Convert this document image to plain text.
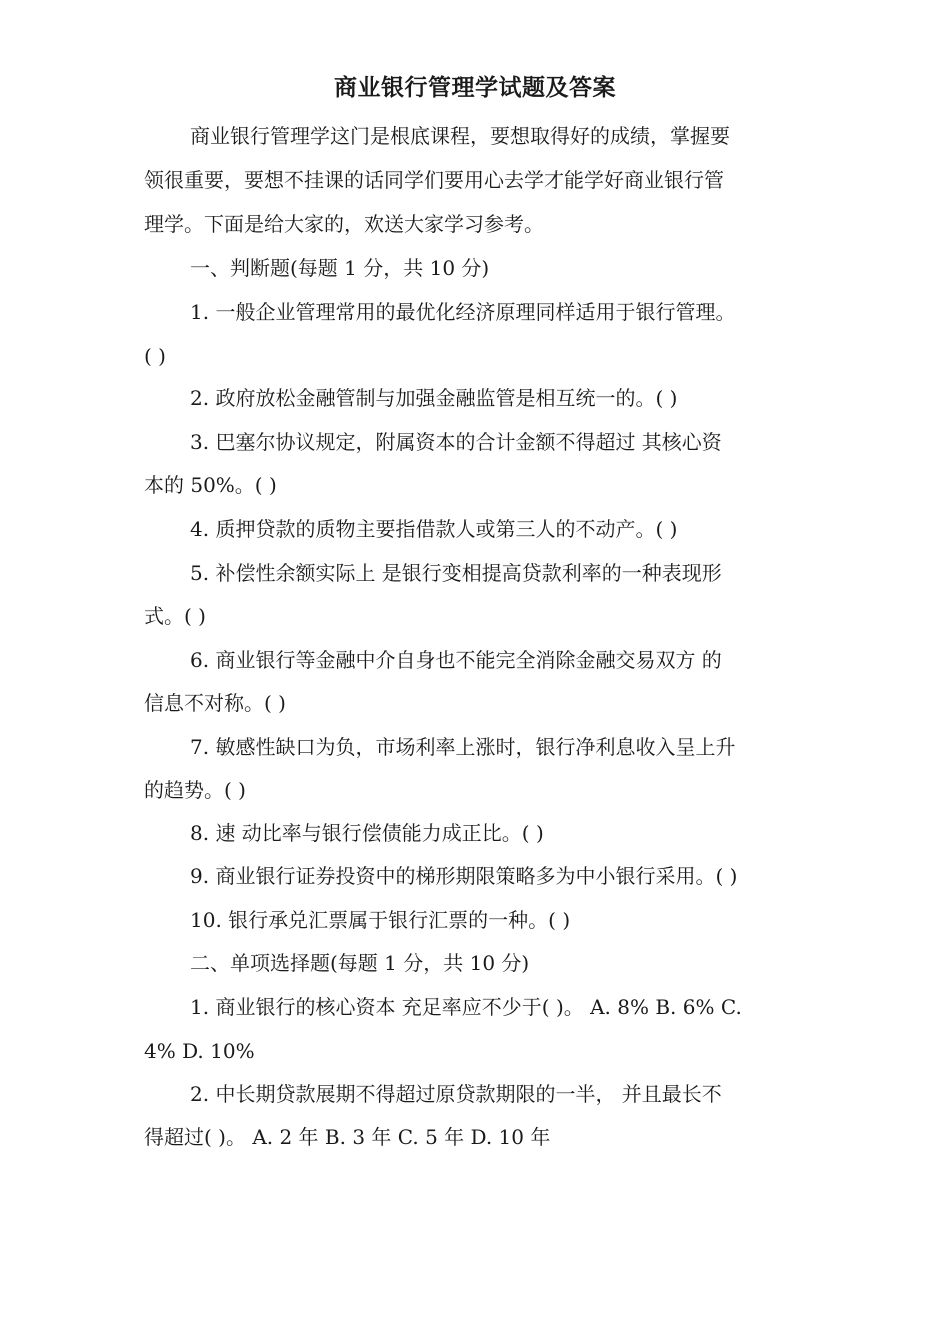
商业银行管理学试题及答案
商业银行管理学这门是根底课程，要想取得好的成绩，掌握要
领很重要，要想不挂课的话同学们要用心去学才能学好商业银行管
理学。下面是给大家的，欢送大家学习参考。
一、判断题(每题 1 分，共 10 分)
1. 一般企业管理常用的最优化经济原理同样适用于银行管理。
( )
2. 政府放松金融管制与加强金融监管是相互统一的。( )
3. 巴塞尔协议规定，附属资本的合计金额不得超过 其核心资
本的 50%。( )
4. 质押贷款的质物主要指借款人或第三人的不动产。( )
5. 补偿性余额实际上 是银行变相提高贷款利率的一种表现形
式。( )
6. 商业银行等金融中介自身也不能完全消除金融交易双方 的
信息不对称。( )
7. 敏感性缺口为负，市场利率上涨时，银行净利息收入呈上升
的趋势。( )
8. 速 动比率与银行偿债能力成正比。( )
9. 商业银行证券投资中的梯形期限策略多为中小银行采用。( )
10. 银行承兑汇票属于银行汇票的一种。( )
二、单项选择题(每题 1 分，共 10 分)
1. 商业银行的核心资本 充足率应不少于( )。 A. 8% B. 6% C.
4% D. 10%
2. 中长期贷款展期不得超过原贷款期限的一半， 并且最长不
得超过( )。 A. 2 年 B. 3 年 C. 5 年 D. 10 年
